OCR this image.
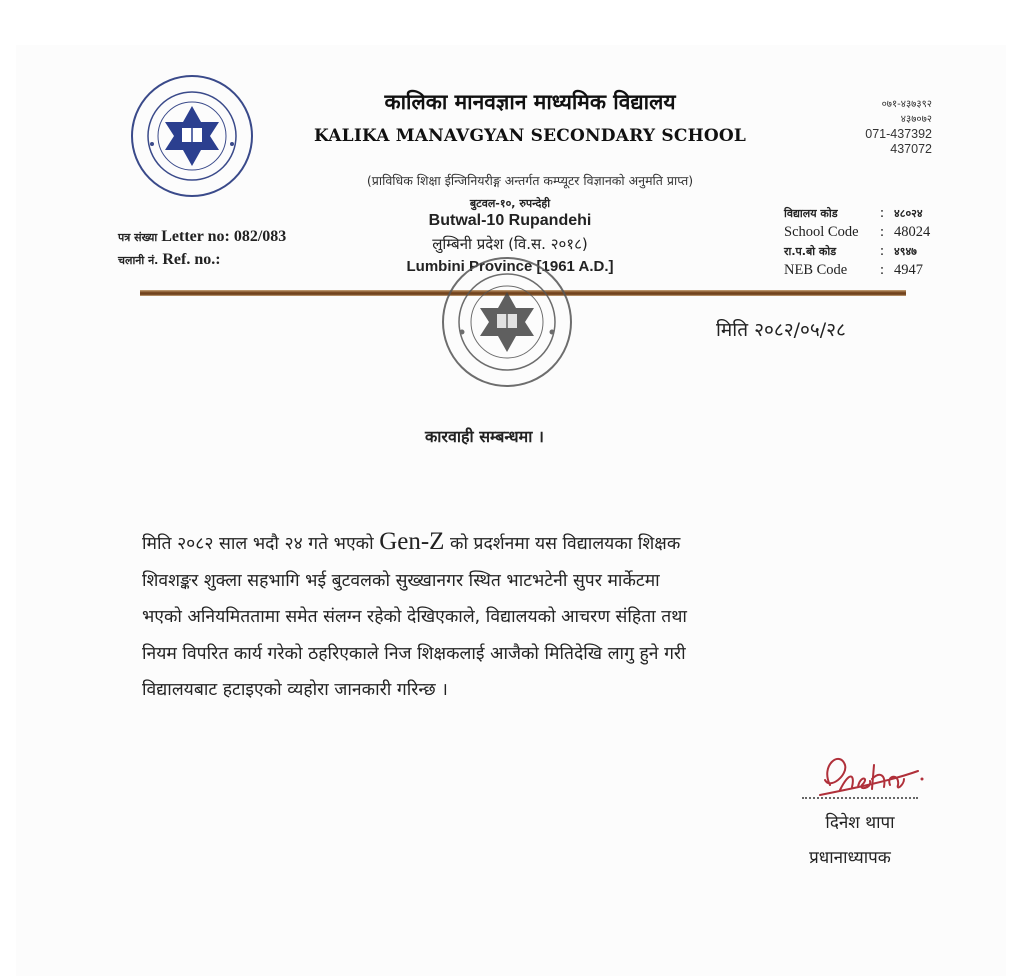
कालिका मानवज्ञान माध्यमिक विद्यालय
KALIKA MANAVGYAN SECONDARY SCHOOL
(प्राविधिक शिक्षा ईन्जिनियरीङ्ग अन्तर्गत कम्प्यूटर विज्ञानको अनुमति प्राप्त)
०७१-४३७३९२
४३७०७२
071-437392
437072
बुटवल-१०, रुपन्देही
Butwal-10 Rupandehi
लुम्बिनी प्रदेश (वि.स. २०१८)
Lumbini Province [1961 A.D.]
पत्र संख्या Letter no: 082/083
चलानी नं. Ref. no.:
विद्यालय कोड	:	४८०२४
School Code	:	48024
रा.प.बो कोड	:	४९४७
NEB Code	:	4947
मिति २०८२/०५/२८
कारवाही सम्बन्धमा ।
मिति २०८२ साल भदौ २४ गते भएको Gen-Z को प्रदर्शनमा यस विद्यालयका शिक्षक
शिवशङ्कर शुक्ला सहभागि भई बुटवलको सुख्खानगर स्थित भाटभटेनी सुपर मार्केटमा
भएको अनियमिततामा समेत संलग्न रहेको देखिएकाले, विद्यालयको आचरण संहिता तथा
नियम विपरित कार्य गरेको ठहरिएकाले निज शिक्षकलाई आजैको मितिदेखि लागु हुने गरी
विद्यालयबाट हटाइएको व्यहोरा जानकारी गरिन्छ ।
दिनेश थापा
प्रधानाध्यापक
